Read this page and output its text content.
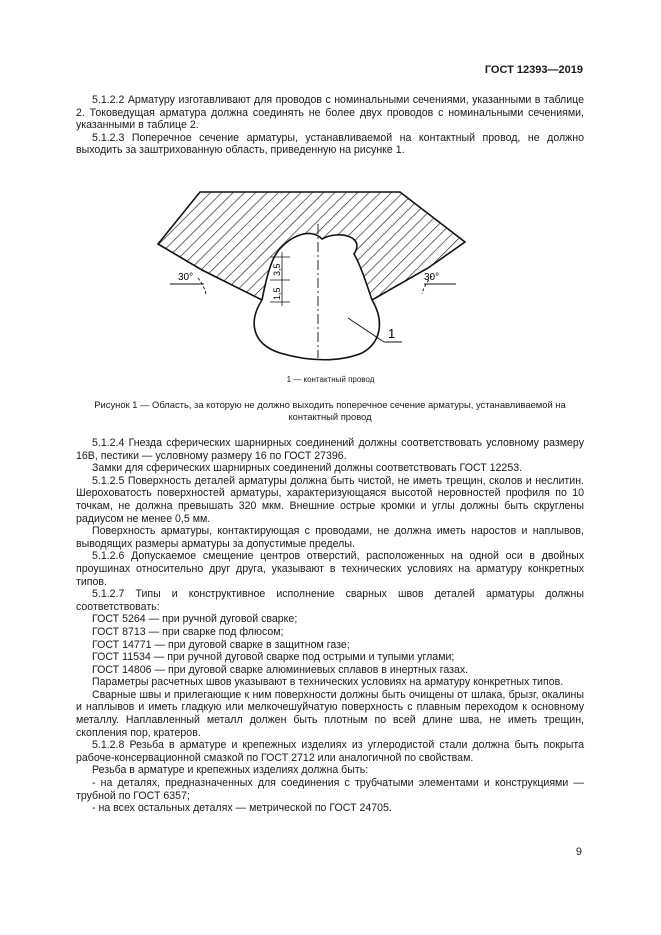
ГОСТ 12393—2019

5.1.2.2 Арматуру изготавливают для проводов с номинальными сечениями, указанными в таблице 2. Токоведущая арматура должна соединять не более двух проводов с номинальными сечениями, указанными в таблице 2.

5.1.2.3 Поперечное сечение арматуры, устанавливаемой на контактный провод, не должно выходить за заштрихованную область, приведенную на рисунке 1.

30°	30°
3,5
1,5
1
1 — контактный провод
Рисунок 1 — Область, за которую не должно выходить поперечное сечение арматуры, устанавливаемой на контактный провод

5.1.2.4 Гнезда сферических шарнирных соединений должны соответствовать условному размеру 16В, пестики — условному размеру 16 по ГОСТ 27396.

Замки для сферических шарнирных соединений должны соответствовать ГОСТ 12253.

5.1.2.5 Поверхность деталей арматуры должна быть чистой, не иметь трещин, сколов и неслитин. Шероховатость поверхностей арматуры, характеризующаяся высотой неровностей профиля по 10 точкам, не должна превышать 320 мкм. Внешние острые кромки и углы должны быть скруглены радиусом не менее 0,5 мм.

Поверхность арматуры, контактирующая с проводами, не должна иметь наростов и наплывов, выводящих размеры арматуры за допустимые пределы.

5.1.2.6 Допускаемое смещение центров отверстий, расположенных на одной оси в двойных проушинах относительно друг друга, указывают в технических условиях на арматуру конкретных типов.

5.1.2.7 Типы и конструктивное исполнение сварных швов деталей арматуры должны соответствовать:

ГОСТ 5264 — при ручной дуговой сварке;

ГОСТ 8713 — при сварке под флюсом;

ГОСТ 14771 — при дуговой сварке в защитном газе;

ГОСТ 11534 — при ручной дуговой сварке под острыми и тупыми углами;

ГОСТ 14806 — при дуговой сварке алюминиевых сплавов в инертных газах.

Параметры расчетных швов указывают в технических условиях на арматуру конкретных типов.

Сварные швы и прилегающие к ним поверхности должны быть очищены от шлака, брызг, окалины и наплывов и иметь гладкую или мелкочешуйчатую поверхность с плавным переходом к основному металлу. Наплавленный металл должен быть плотным по всей длине шва, не иметь трещин, скопления пор, кратеров.

5.1.2.8 Резьба в арматуре и крепежных изделиях из углеродистой стали должна быть покрыта рабоче-консервационной смазкой по ГОСТ 2712 или аналогичной по свойствам.

Резьба в арматуре и крепежных изделиях должна быть:

- на деталях, предназначенных для соединения с трубчатыми элементами и конструкциями — трубной по ГОСТ 6357;

- на всех остальных деталях — метрической по ГОСТ 24705.

9
